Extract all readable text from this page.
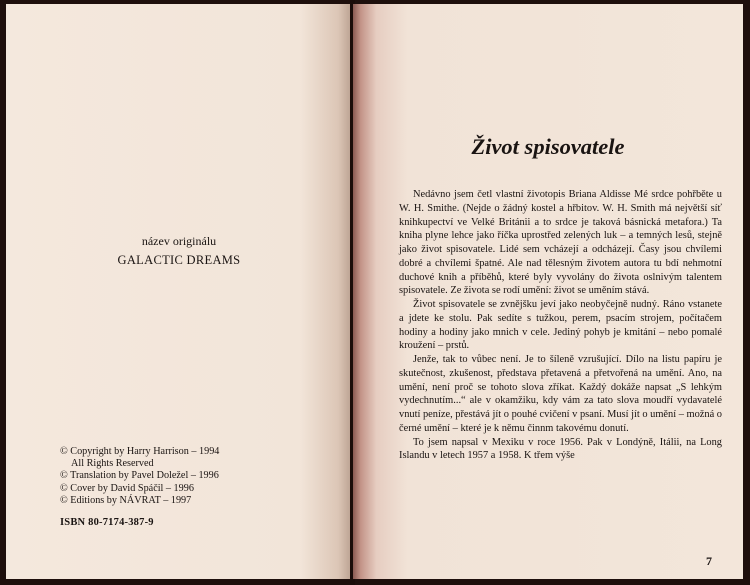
název originálu
GALACTIC DREAMS
© Copyright by Harry Harrison – 1994
All Rights Reserved
© Translation by Pavel Doležel – 1996
© Cover by David Spáčil – 1996
© Editions by NÁVRAT – 1997
ISBN 80-7174-387-9
Život spisovatele

Nedávno jsem četl vlastní životopis Briana Aldisse Mé srdce pohřběte u W. H. Smithe. (Nejde o žádný kostel a hřbitov. W. H. Smith má největší síť knihkupectví ve Velké Británii a to srdce je taková básnická metafora.) Ta kniha plyne lehce jako říčka uprostřed zelených luk – a temných lesů, stejně jako život spisovatele. Lidé sem vcházejí a odcházejí. Časy jsou chvílemi dobré a chvílemi špatné. Ale nad tělesným životem autora tu bdí nehmotní duchové knih a příběhů, které byly vyvolány do života oslnivým talentem spisovatele. Ze života se rodí umění: život se uměním stává.

Život spisovatele se zvnějšku jeví jako neobyčejně nudný. Ráno vstanete a jdete ke stolu. Pak sedíte s tužkou, perem, psacím strojem, počítačem hodiny a hodiny jako mnich v cele. Jediný pohyb je kmitání – nebo pomalé kroužení – prstů.

Jenže, tak to vůbec není. Je to šíleně vzrušující. Dílo na listu papíru je skutečnost, zkušenost, představa přetavená a přetvořená na umění. Ano, na umění, není proč se tohoto slova zříkat. Každý dokáže napsat „S lehkým vydechnutím...“ ale v okamžiku, kdy vám za tato slova moudří vydavatelé vnutí peníze, přestává jít o pouhé cvičení v psaní. Musí jít o umění – možná o černé umění – které je k němu činnm takovému donutí.

To jsem napsal v Mexiku v roce 1956. Pak v Londýně, Itálii, na Long Islandu v letech 1957 a 1958. K třem výše

7
